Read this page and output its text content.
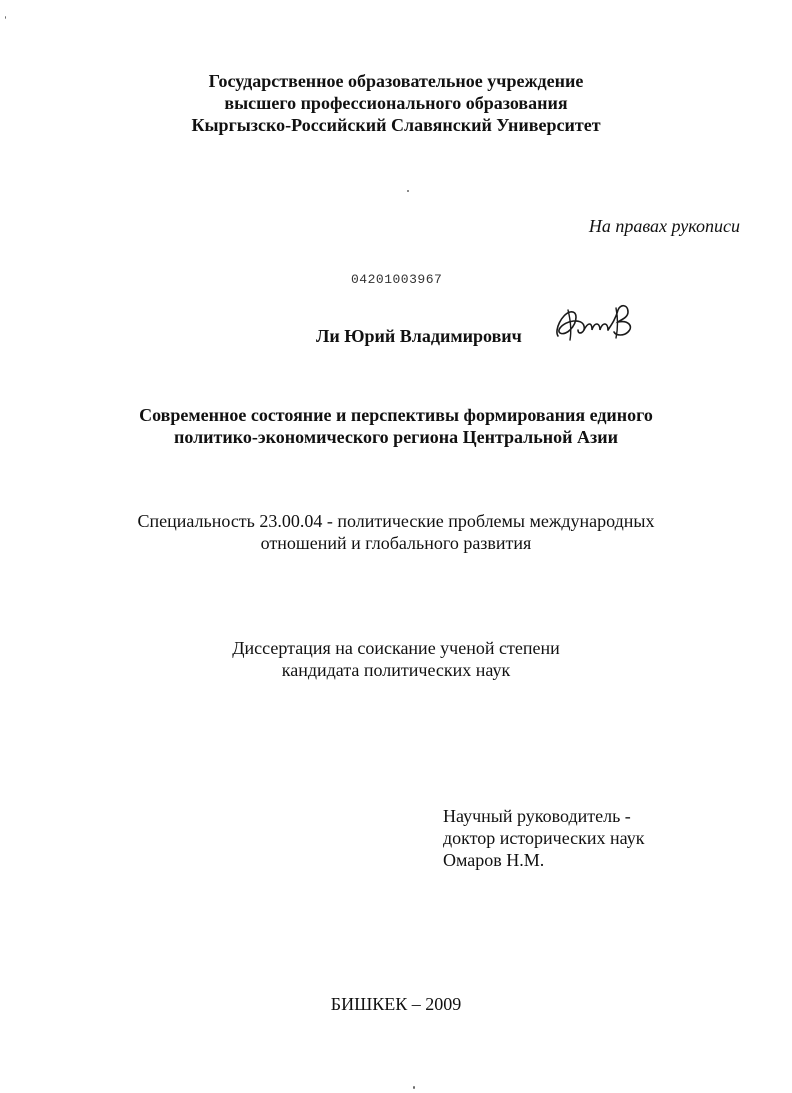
Государственное образовательное учреждение
высшего профессионального образования
Кыргызско-Российский Славянский Университет
На правах рукописи
04201003967
Ли Юрий Владимирович
Современное состояние и перспективы формирования единого
политико-экономического региона Центральной Азии
Специальность 23.00.04 - политические проблемы международных
отношений и глобального развития
Диссертация на соискание ученой степени
кандидата политических наук
Научный руководитель -
доктор исторических наук
Омаров Н.М.
БИШКЕК – 2009
